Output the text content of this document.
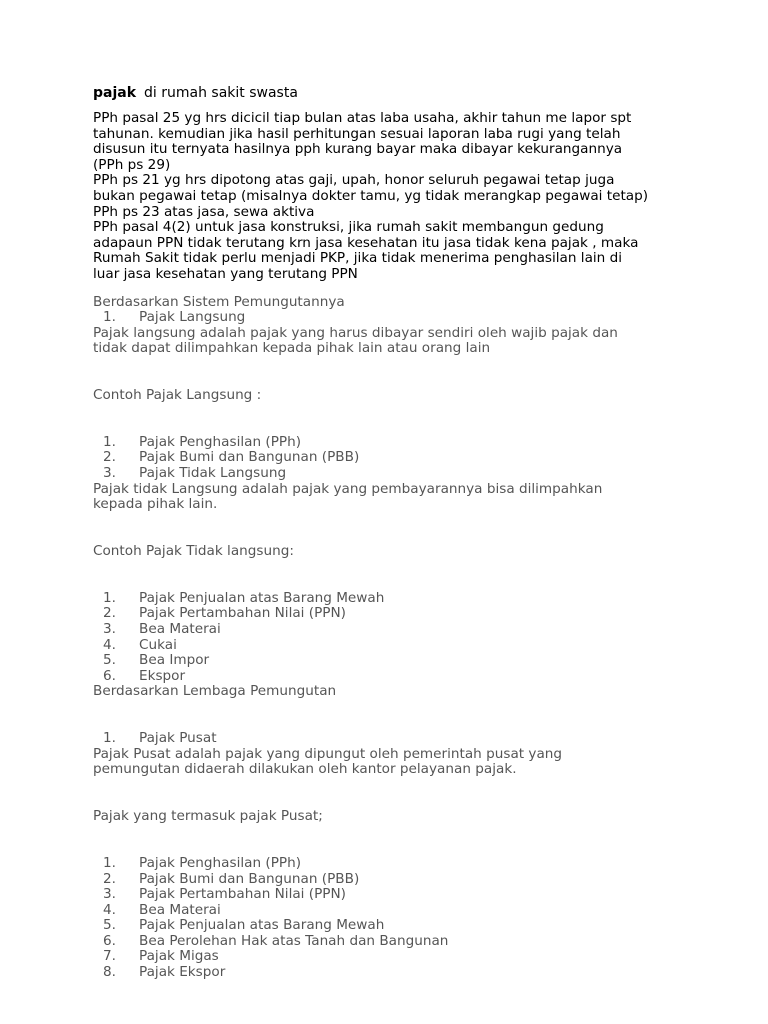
pajak di rumah sakit swasta

PPh pasal 25 yg hrs dicicil tiap bulan atas laba usaha, akhir tahun me lapor spt

tahunan. kemudian jika hasil perhitungan sesuai laporan laba rugi yang telah

disusun itu ternyata hasilnya pph kurang bayar maka dibayar kekurangannya

(PPh ps 29)

PPh ps 21 yg hrs dipotong atas gaji, upah, honor seluruh pegawai tetap juga

bukan pegawai tetap (misalnya dokter tamu, yg tidak merangkap pegawai tetap)

PPh ps 23 atas jasa, sewa aktiva

PPh pasal 4(2) untuk jasa konstruksi, jika rumah sakit membangun gedung

adapaun PPN tidak terutang krn jasa kesehatan itu jasa tidak kena pajak , maka

Rumah Sakit tidak perlu menjadi PKP, jika tidak menerima penghasilan lain di

luar jasa kesehatan yang terutang PPN

Berdasarkan Sistem Pemungutannya

1.	Pajak Langsung

Pajak langsung adalah pajak yang harus dibayar sendiri oleh wajib pajak dan

tidak dapat dilimpahkan kepada pihak lain atau orang lain

Contoh Pajak Langsung :

1.	Pajak Penghasilan (PPh)
2.	Pajak Bumi dan Bangunan (PBB)
3.	Pajak Tidak Langsung

Pajak tidak Langsung adalah pajak yang pembayarannya bisa dilimpahkan

kepada pihak lain.

Contoh Pajak Tidak langsung:

1.	Pajak Penjualan atas Barang Mewah
2.	Pajak Pertambahan Nilai (PPN)
3.	Bea Materai
4.	Cukai
5.	Bea Impor
6.	Ekspor

Berdasarkan Lembaga Pemungutan

1.	Pajak Pusat

Pajak Pusat adalah pajak yang dipungut oleh pemerintah pusat yang

pemungutan didaerah dilakukan oleh kantor pelayanan pajak.

Pajak yang termasuk pajak Pusat;

1.	Pajak Penghasilan (PPh)
2.	Pajak Bumi dan Bangunan (PBB)
3.	Pajak Pertambahan Nilai (PPN)
4.	Bea Materai
5.	Pajak Penjualan atas Barang Mewah
6.	Bea Perolehan Hak atas Tanah dan Bangunan
7.	Pajak Migas
8.	Pajak Ekspor
